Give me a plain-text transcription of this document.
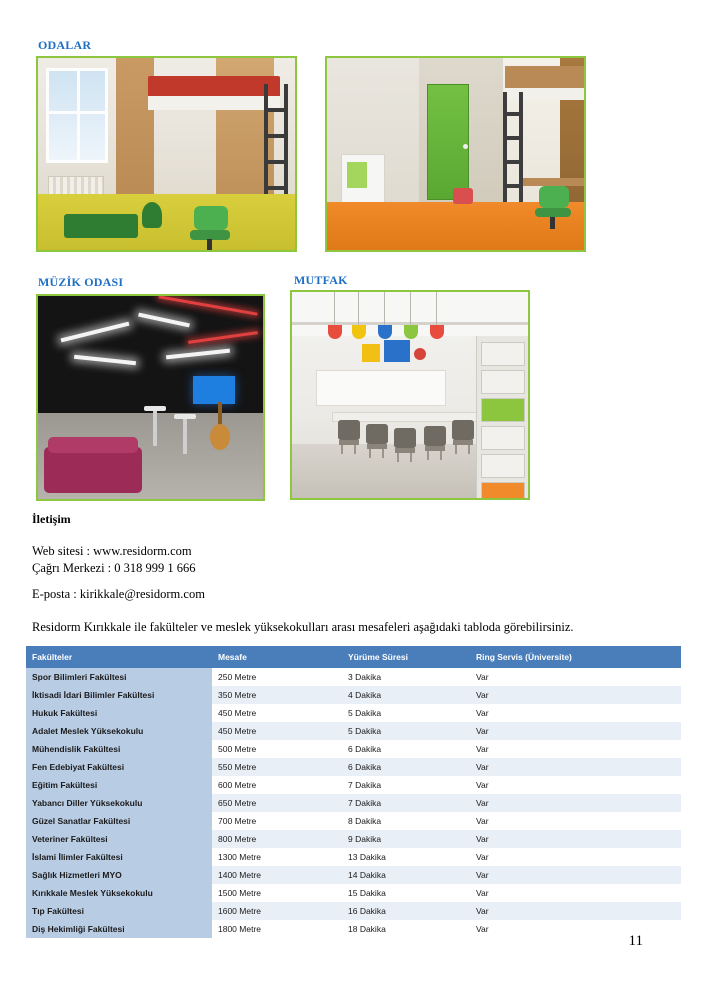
ODALAR
MÜZİK ODASI	MUTFAK
İletişim
Web sitesi : www.residorm.com
Çağrı Merkezi : 0 318 999 1 666
E-posta : kirikkale@residorm.com
Residorm Kırıkkale ile fakülteler ve meslek yüksekokulları arası mesafeleri aşağıdaki tabloda görebilirsiniz.
Fakülteler	Mesafe	Yürüme Süresi	Ring Servis (Üniversite)
Spor Bilimleri Fakültesi	250 Metre	3 Dakika	Var
İktisadi İdari Bilimler Fakültesi	350 Metre	4 Dakika	Var
Hukuk Fakültesi	450 Metre	5 Dakika	Var
Adalet Meslek Yüksekokulu	450 Metre	5 Dakika	Var
Mühendislik Fakültesi	500 Metre	6 Dakika	Var
Fen Edebiyat Fakültesi	550 Metre	6 Dakika	Var
Eğitim Fakültesi	600 Metre	7 Dakika	Var
Yabancı Diller Yüksekokulu	650 Metre	7 Dakika	Var
Güzel Sanatlar Fakültesi	700 Metre	8 Dakika	Var
Veteriner Fakültesi	800 Metre	9 Dakika	Var
İslami İlimler Fakültesi	1300 Metre	13 Dakika	Var
Sağlık Hizmetleri MYO	1400 Metre	14 Dakika	Var
Kırıkkale Meslek Yüksekokulu	1500 Metre	15 Dakika	Var
Tıp Fakültesi	1600 Metre	16 Dakika	Var
Diş Hekimliği Fakültesi	1800 Metre	18 Dakika	Var
11
